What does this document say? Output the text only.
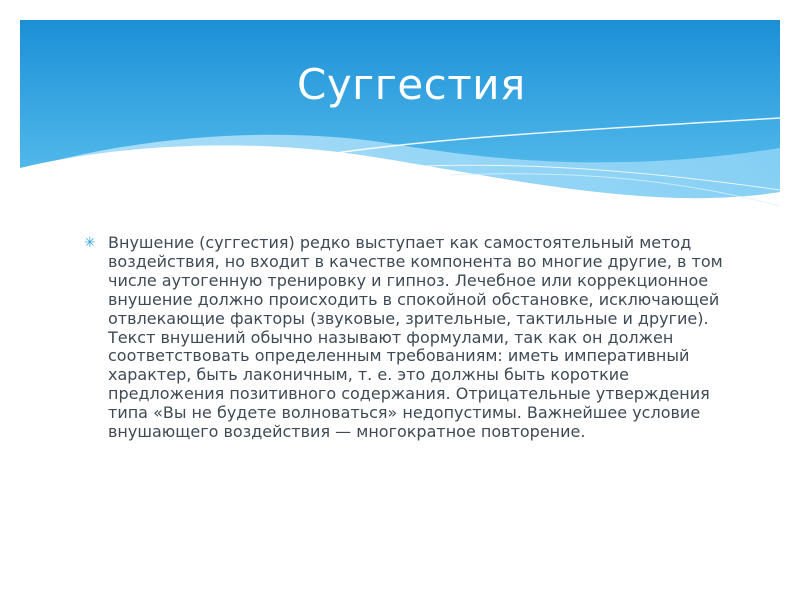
Суггестия
✳ Внушение (суггестия) редко выступает как самостоятельный метод воздействия, но входит в качестве компонента во многие другие, в том числе аутогенную тренировку и гипноз. Лечебное или коррекционное внушение должно происходить в спокойной обстановке, исключающей отвлекающие факторы (звуковые, зрительные, тактильные и другие). Текст внушений обычно называют формулами, так как он должен соответствовать определенным требованиям: иметь императивный характер, быть лаконичным, т. е. это должны быть короткие предложения позитивного содержания. Отрицательные утверждения типа «Вы не будете волноваться» недопустимы. Важнейшее условие внушающего воздействия — многократное повторение.
